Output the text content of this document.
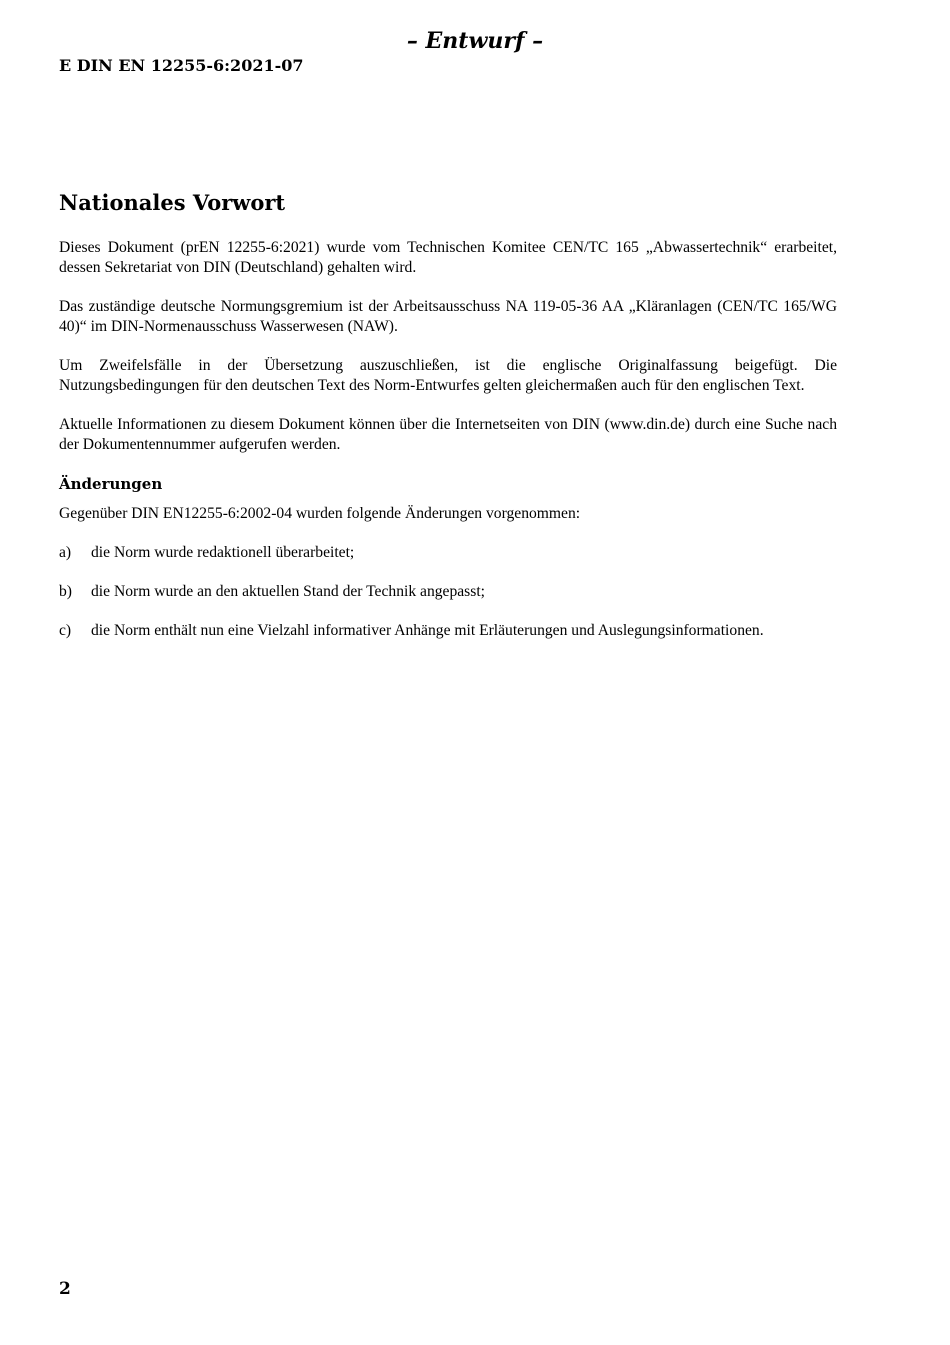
– Entwurf –
E DIN EN 12255-6:2021-07
Nationales Vorwort

Dieses Dokument (prEN 12255-6:2021) wurde vom Technischen Komitee CEN/TC 165 „Abwassertechnik“ erarbeitet, dessen Sekretariat von DIN (Deutschland) gehalten wird.

Das zuständige deutsche Normungsgremium ist der Arbeitsausschuss NA 119-05-36 AA „Kläranlagen (CEN/TC 165/WG 40)“ im DIN-Normenausschuss Wasserwesen (NAW).

Um Zweifelsfälle in der Übersetzung auszuschließen, ist die englische Originalfassung beigefügt. Die Nutzungsbedingungen für den deutschen Text des Norm-Entwurfes gelten gleichermaßen auch für den englischen Text.

Aktuelle Informationen zu diesem Dokument können über die Internetseiten von DIN (www.din.de) durch eine Suche nach der Dokumentennummer aufgerufen werden.

Änderungen

Gegenüber DIN EN12255-6:2002-04 wurden folgende Änderungen vorgenommen:

a)	die Norm wurde redaktionell überarbeitet;
b)	die Norm wurde an den aktuellen Stand der Technik angepasst;
c)	die Norm enthält nun eine Vielzahl informativer Anhänge mit Erläuterungen und Auslegungsinformationen.
2
